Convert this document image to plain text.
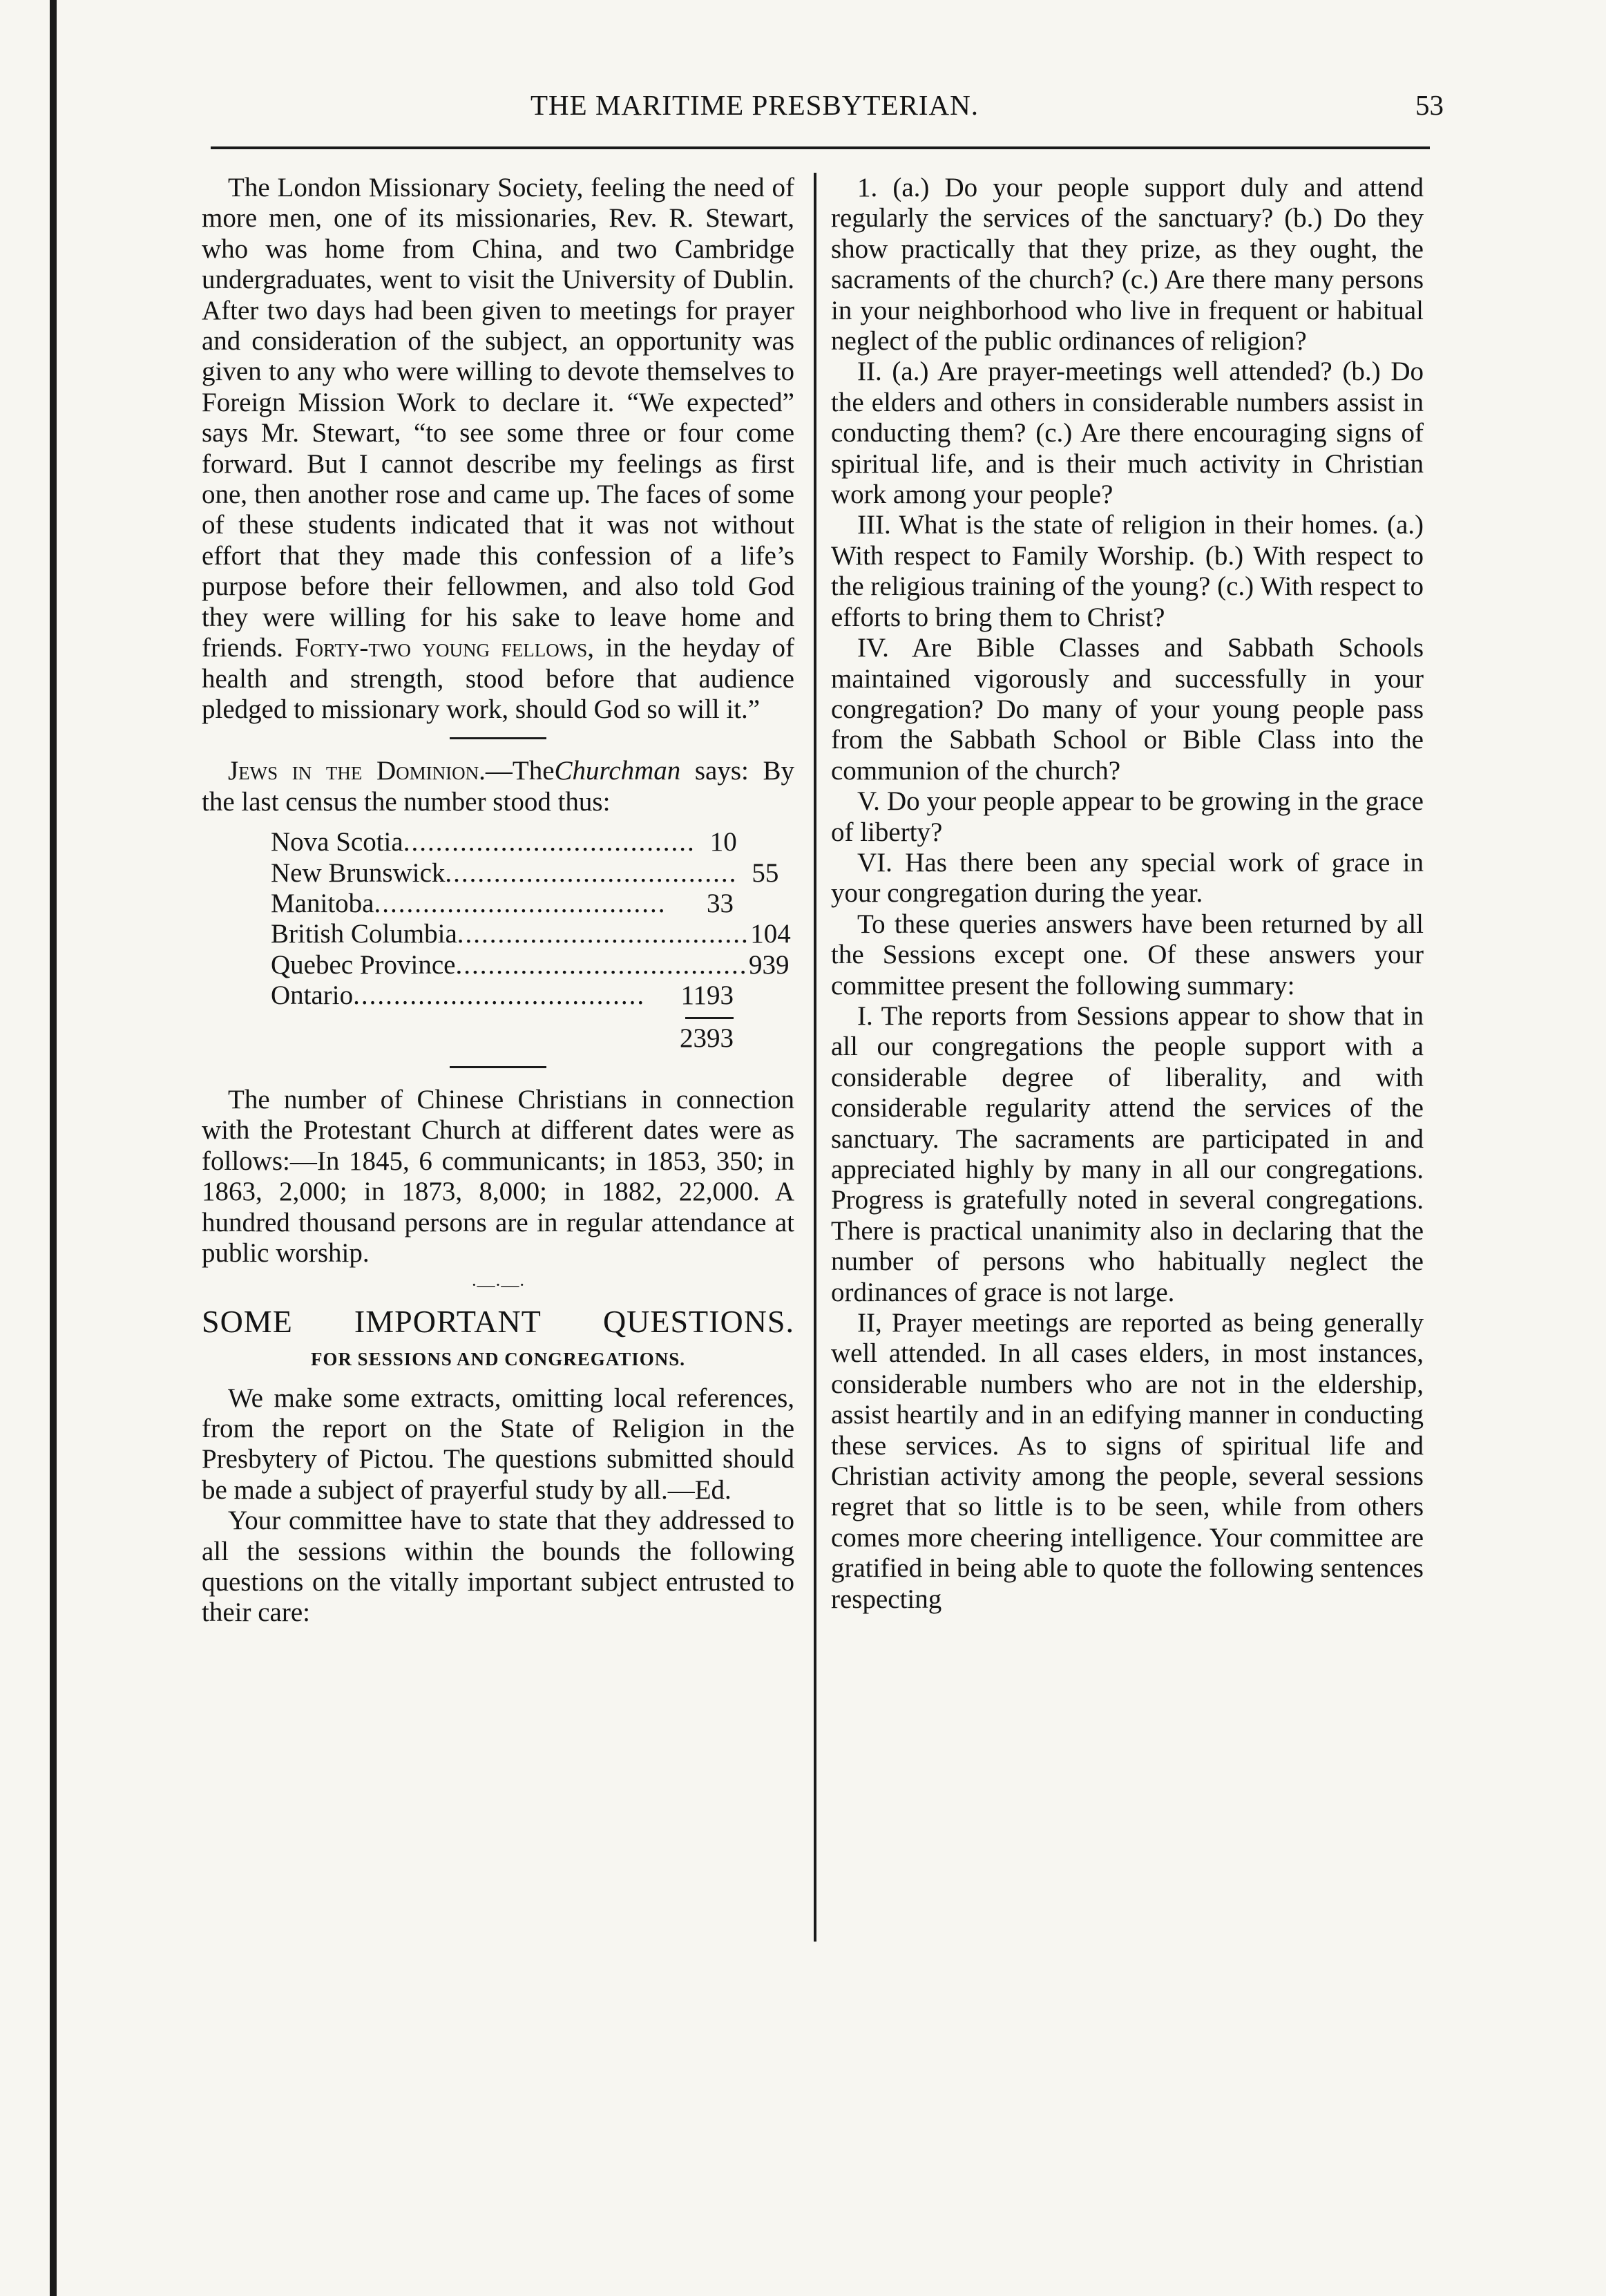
THE MARITIME PRESBYTERIAN.	53

The London Missionary Society, feeling the need of more men, one of its missionaries, Rev. R. Stewart, who was home from China, and two Cambridge undergraduates, went to visit the University of Dublin. After two days had been given to meetings for prayer and consideration of the subject, an opportunity was given to any who were willing to devote themselves to Foreign Mission Work to declare it. “We expected” says Mr. Stewart, “to see some three or four come forward. But I cannot describe my feelings as first one, then another rose and came up. The faces of some of these students indicated that it was not without effort that they made this confession of a life’s purpose before their fellowmen, and also told God they were willing for his sake to leave home and friends. Forty-two young fellows, in the heyday of health and strength, stood before that audience pledged to missionary work, should God so will it.”

Jews in the Dominion.—TheChurchman says: By the last census the number stood thus:

Nova Scotia .................................... 10
New Brunswick .................................... 55
Manitoba ....................................	33
British Columbia .................................... 104
Quebec Province .................................... 939
Ontario ....................................	1193
2393

The number of Chinese Christians in connection with the Protestant Church at different dates were as follows:—In 1845, 6 communicants; in 1853, 350; in 1863, 2,000; in 1873, 8,000; in 1882, 22,000. A hundred thousand persons are in regular attendance at public worship.

·—·—·
SOME IMPORTANT QUESTIONS.
FOR SESSIONS AND CONGREGATIONS.

We make some extracts, omitting local references, from the report on the State of Religion in the Presbytery of Pictou. The questions submitted should be made a subject of prayerful study by all.—Ed.

Your committee have to state that they addressed to all the sessions within the bounds the following questions on the vitally important subject entrusted to their care:

1. (a.) Do your people support duly and attend regularly the services of the sanctuary? (b.) Do they show practically that they prize, as they ought, the sacraments of the church? (c.) Are there many persons in your neighborhood who live in frequent or habitual neglect of the public ordinances of religion?

II. (a.) Are prayer-meetings well attended? (b.) Do the elders and others in considerable numbers assist in conducting them? (c.) Are there encouraging signs of spiritual life, and is their much activity in Christian work among your people?

III. What is the state of religion in their homes. (a.) With respect to Family Worship. (b.) With respect to the religious training of the young? (c.) With respect to efforts to bring them to Christ?

IV. Are Bible Classes and Sabbath Schools maintained vigorously and successfully in your congregation? Do many of your young people pass from the Sabbath School or Bible Class into the communion of the church?

V. Do your people appear to be growing in the grace of liberty?

VI. Has there been any special work of grace in your congregation during the year.

To these queries answers have been returned by all the Sessions except one. Of these answers your committee present the following summary:

I. The reports from Sessions appear to show that in all our congregations the people support with a considerable degree of liberality, and with considerable regularity attend the services of the sanctuary. The sacraments are participated in and appreciated highly by many in all our congregations. Progress is gratefully noted in several congregations. There is practical unanimity also in declaring that the number of persons who habitually neglect the ordinances of grace is not large.

II, Prayer meetings are reported as being generally well attended. In all cases elders, in most instances, considerable numbers who are not in the eldership, assist heartily and in an edifying manner in conducting these services. As to signs of spiritual life and Christian activity among the people, several sessions regret that so little is to be seen, while from others comes more cheering intelligence. Your committee are gratified in being able to quote the following sentences respecting
